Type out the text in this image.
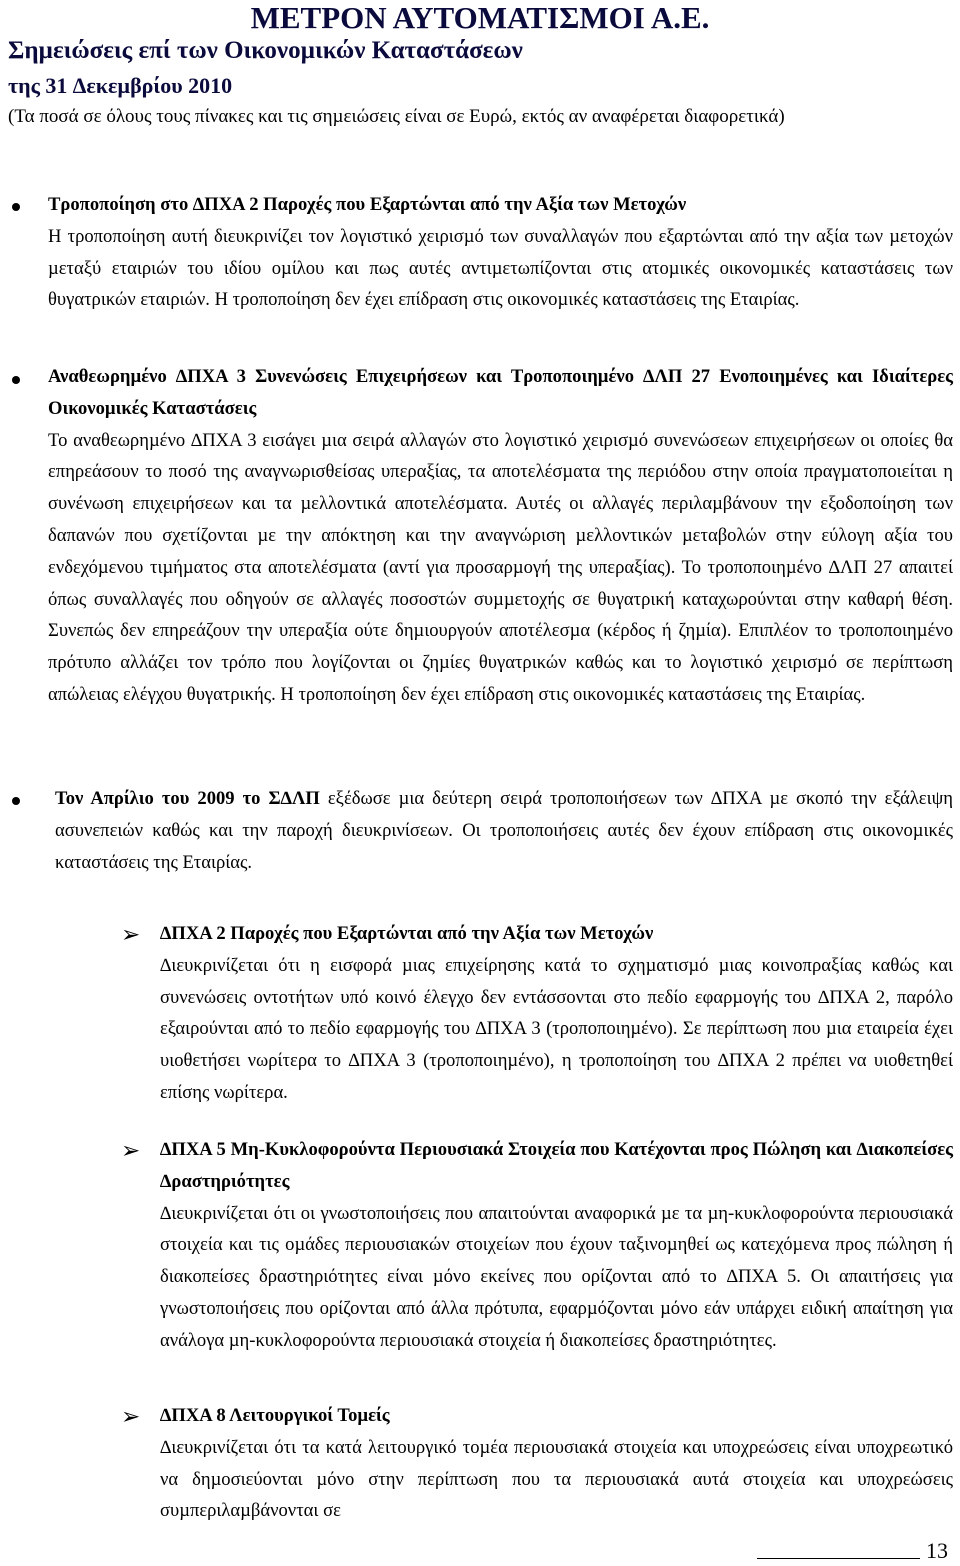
ΜΕΤΡΟΝ ΑΥΤΟΜΑΤΙΣΜΟΙ Α.Ε.
Σηµειώσεις επί των Οικονοµικών Καταστάσεων
της 31 ∆εκεµβρίου 2010
(Τα ποσά σε όλους τους πίνακες και τις σηµειώσεις είναι σε Ευρώ, εκτός αν αναφέρεται διαφορετικά)
Τροποποίηση στο ∆ΠΧΑ 2 Παροχές που Εξαρτώνται από την Αξία των Μετοχών
Η τροποποίηση αυτή διευκρινίζει τον λογιστικό χειρισµό των συναλλαγών που εξαρτώνται από την αξία των µετοχών µεταξύ εταιριών του ιδίου οµίλου και πως αυτές αντιµετωπίζονται στις ατοµικές οικονοµικές καταστάσεις των θυγατρικών εταιριών. Η τροποποίηση δεν έχει επίδραση στις οικονοµικές καταστάσεις της Εταιρίας.
Αναθεωρηµένο ∆ΠΧΑ 3 Συνενώσεις Επιχειρήσεων και Τροποποιηµένο ∆ΛΠ 27 Ενοποιηµένες και Ιδιαίτερες Οικονοµικές Καταστάσεις
Το αναθεωρηµένο ∆ΠΧΑ 3 εισάγει µια σειρά αλλαγών στο λογιστικό χειρισµό συνενώσεων επιχειρήσεων οι οποίες θα επηρεάσουν το ποσό της αναγνωρισθείσας υπεραξίας, τα αποτελέσµατα της περιόδου στην οποία πραγµατοποιείται η συνένωση επιχειρήσεων και τα µελλοντικά αποτελέσµατα. Αυτές οι αλλαγές περιλαµβάνουν την εξοδοποίηση των δαπανών που σχετίζονται µε την απόκτηση και την αναγνώριση µελλοντικών µεταβολών στην εύλογη αξία του ενδεχόµενου τιµήµατος στα αποτελέσµατα (αντί για προσαρµογή της υπεραξίας). Το τροποποιηµένο ∆ΛΠ 27 απαιτεί όπως συναλλαγές που οδηγούν σε αλλαγές ποσοστών συµµετοχής σε θυγατρική καταχωρούνται στην καθαρή θέση. Συνεπώς δεν επηρεάζουν την υπεραξία ούτε δηµιουργούν αποτέλεσµα (κέρδος ή ζηµία). Επιπλέον το τροποποιηµένο πρότυπο αλλάζει τον τρόπο που λογίζονται οι ζηµίες θυγατρικών καθώς και το λογιστικό χειρισµό σε περίπτωση απώλειας ελέγχου θυγατρικής. Η τροποποίηση δεν έχει επίδραση στις οικονοµικές καταστάσεις της Εταιρίας.
Τον Απρίλιο του 2009 το Σ∆ΛΠ εξέδωσε µια δεύτερη σειρά τροποποιήσεων των ∆ΠΧΑ µε σκοπό την εξάλειψη ασυνεπειών καθώς και την παροχή διευκρινίσεων. Οι τροποποιήσεις αυτές δεν έχουν επίδραση στις οικονοµικές καταστάσεις της Εταιρίας.
➢ ∆ΠΧΑ 2 Παροχές που Εξαρτώνται από την Αξία των Μετοχών
∆ιευκρινίζεται ότι η εισφορά µιας επιχείρησης κατά το σχηµατισµό µιας κοινοπραξίας καθώς και συνενώσεις οντοτήτων υπό κοινό έλεγχο δεν εντάσσονται στο πεδίο εφαρµογής του ∆ΠΧΑ 2, παρόλο εξαιρούνται από το πεδίο εφαρµογής του ∆ΠΧΑ 3 (τροποποιηµένο). Σε περίπτωση που µια εταιρεία έχει υιοθετήσει νωρίτερα το ∆ΠΧΑ 3 (τροποποιηµένο), η τροποποίηση του ∆ΠΧΑ 2 πρέπει να υιοθετηθεί επίσης νωρίτερα.
➢ ∆ΠΧΑ 5 Μη-Κυκλοφορούντα Περιουσιακά Στοιχεία που Κατέχονται προς Πώληση και ∆ιακοπείσες ∆ραστηριότητες
∆ιευκρινίζεται ότι οι γνωστοποιήσεις που απαιτούνται αναφορικά µε τα µη-κυκλοφορούντα περιουσιακά στοιχεία και τις οµάδες περιουσιακών στοιχείων που έχουν ταξινοµηθεί ως κατεχόµενα προς πώληση ή διακοπείσες δραστηριότητες είναι µόνο εκείνες που ορίζονται από το ∆ΠΧΑ 5. Οι απαιτήσεις για γνωστοποιήσεις που ορίζονται από άλλα πρότυπα, εφαρµόζονται µόνο εάν υπάρχει ειδική απαίτηση για ανάλογα µη-κυκλοφορούντα περιουσιακά στοιχεία ή διακοπείσες δραστηριότητες.
➢ ∆ΠΧΑ 8 Λειτουργικοί Τοµείς
∆ιευκρινίζεται ότι τα κατά λειτουργικό τοµέα περιουσιακά στοιχεία και υποχρεώσεις είναι υποχρεωτικό να δηµοσιεύονται µόνο στην περίπτωση που τα περιουσιακά αυτά στοιχεία και υποχρεώσεις συµπεριλαµβάνονται σε
13
